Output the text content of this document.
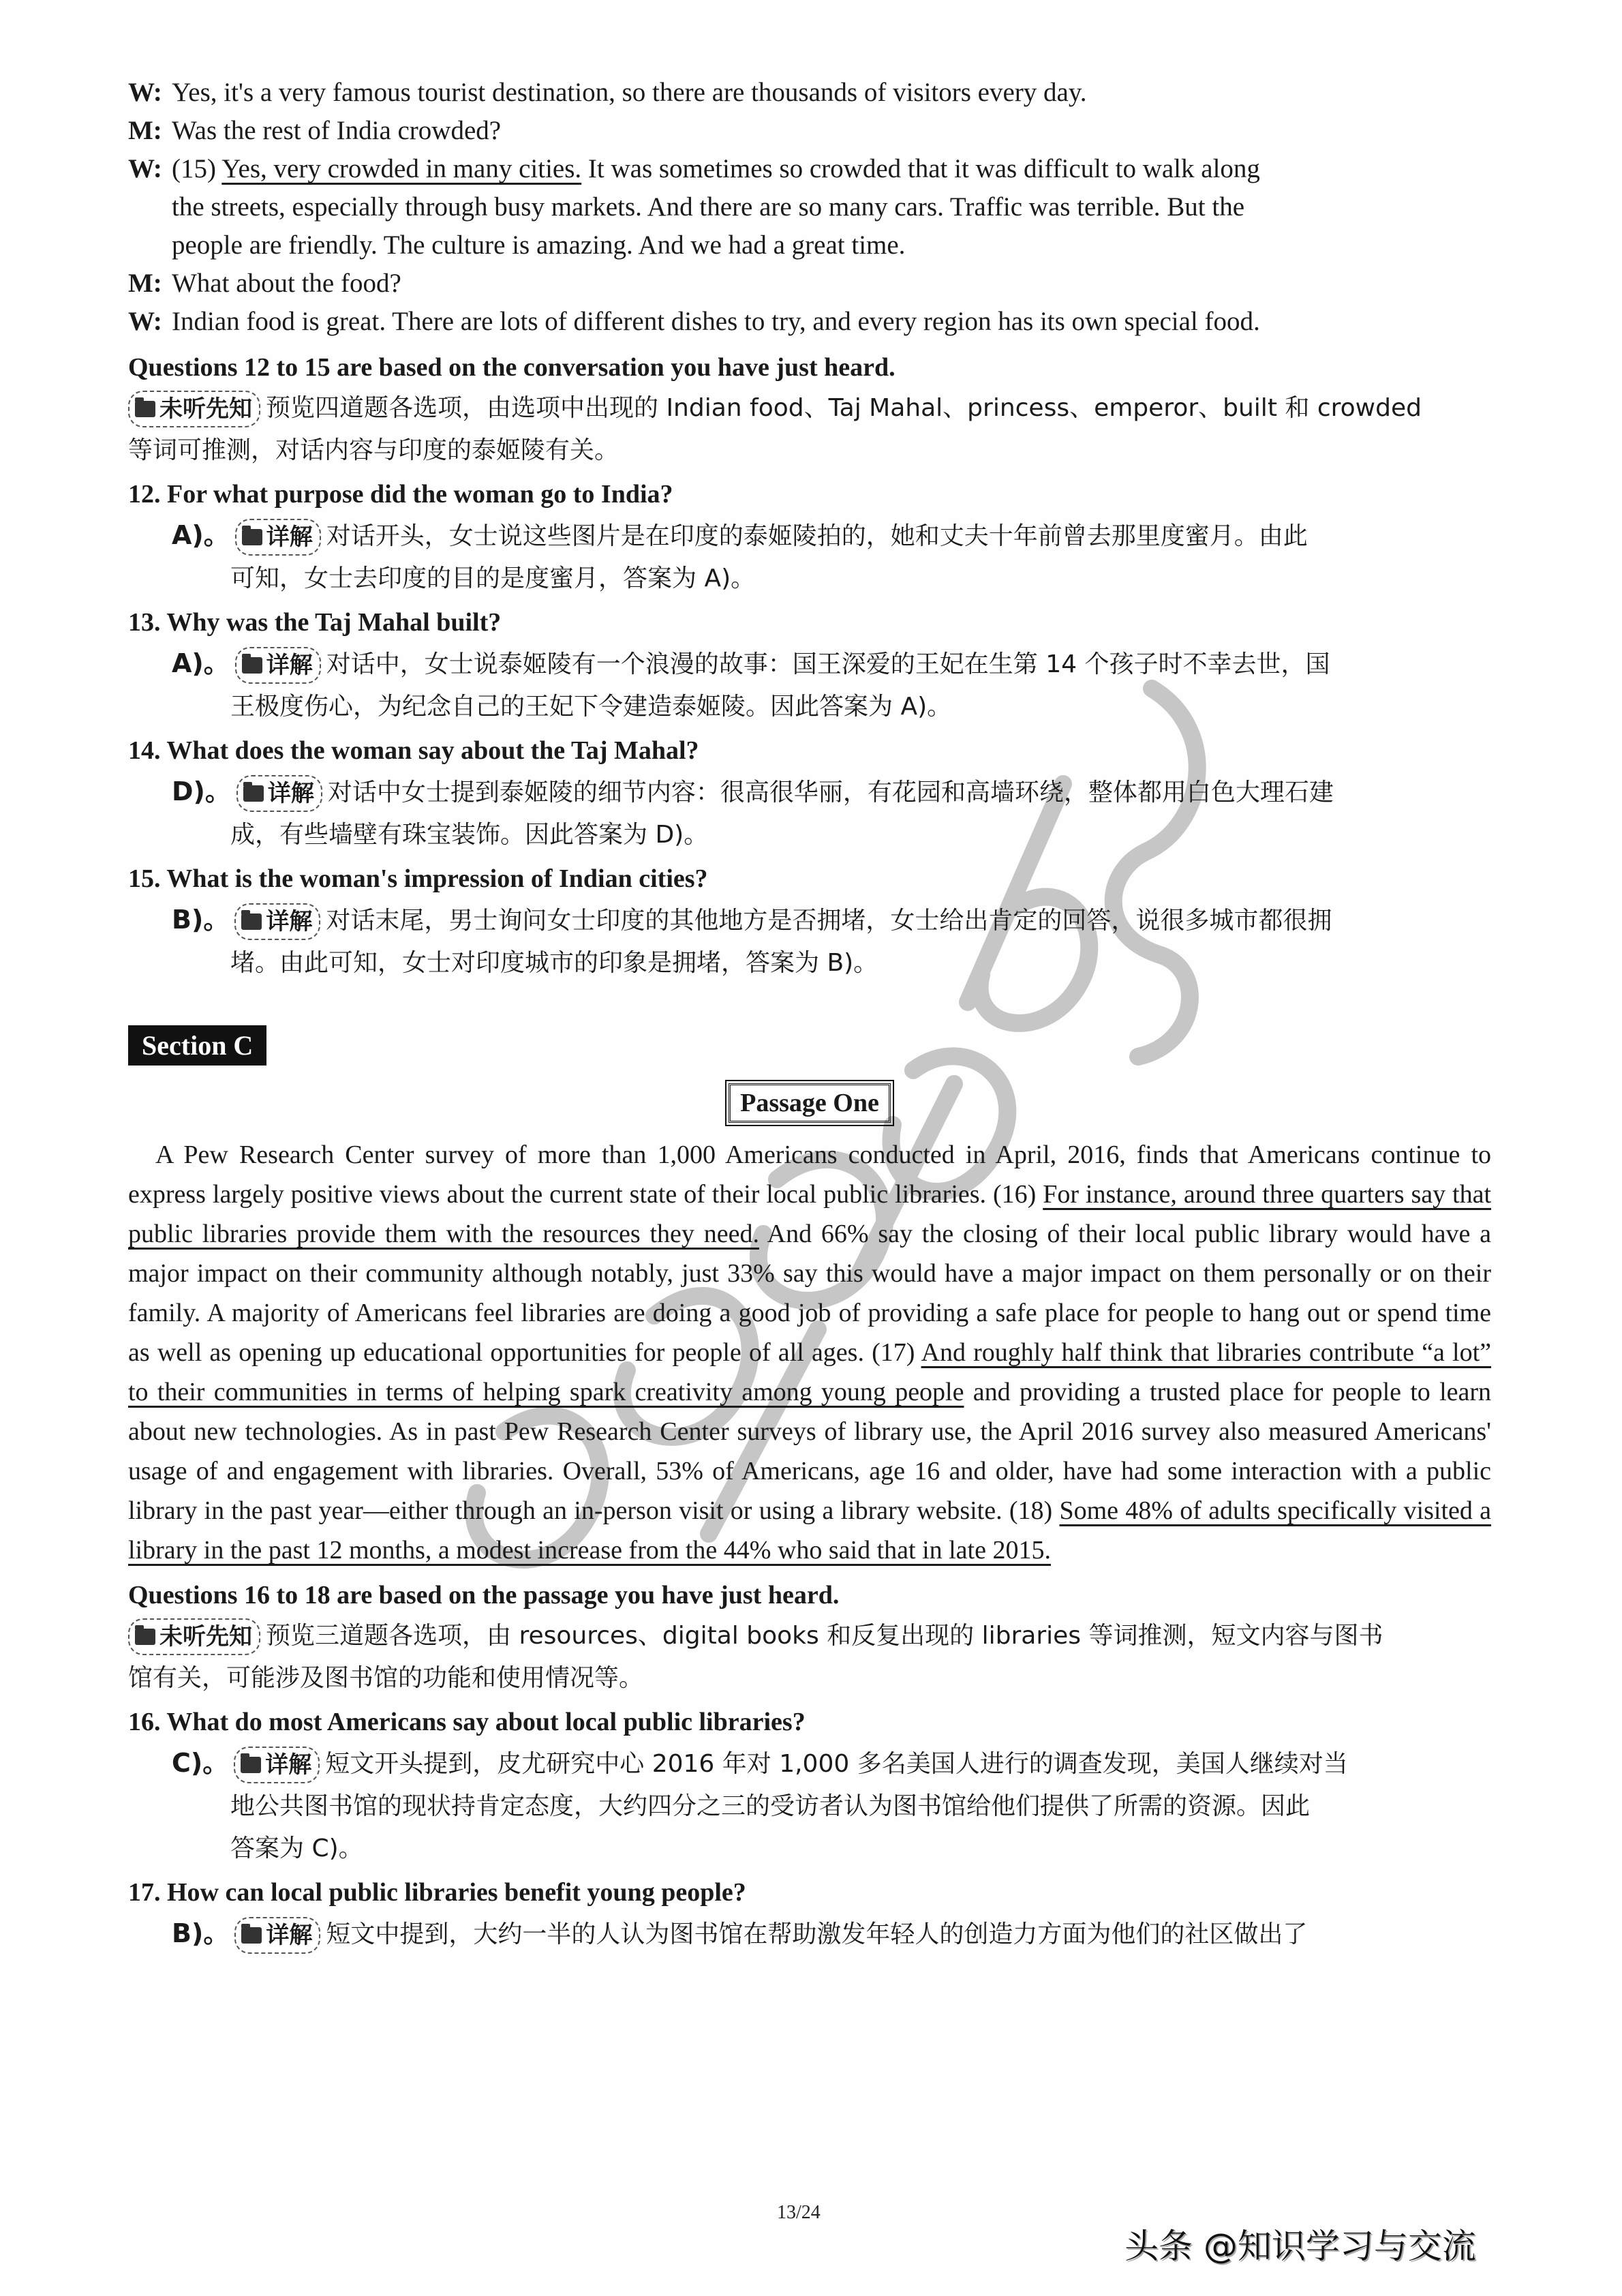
W: Yes, it's a very famous tourist destination, so there are thousands of visitors every day.
M: Was the rest of India crowded?
W: (15) Yes, very crowded in many cities. It was sometimes so crowded that it was difficult to walk along
the streets, especially through busy markets. And there are so many cars. Traffic was terrible. But the
people are friendly. The culture is amazing. And we had a great time.
M: What about the food?
W: Indian food is great. There are lots of different dishes to try, and every region has its own special food.
Questions 12 to 15 are based on the conversation you have just heard.
未听先知 预览四道题各选项，由选项中出现的 Indian food、Taj Mahal、princess、emperor、built 和 crowded
等词可推测，对话内容与印度的泰姬陵有关。
12. For what purpose did the woman go to India?
A)。 详解 对话开头，女士说这些图片是在印度的泰姬陵拍的，她和丈夫十年前曾去那里度蜜月。由此
可知，女士去印度的目的是度蜜月，答案为 A)。
13. Why was the Taj Mahal built?
A)。 详解 对话中，女士说泰姬陵有一个浪漫的故事：国王深爱的王妃在生第 14 个孩子时不幸去世，国
王极度伤心，为纪念自己的王妃下令建造泰姬陵。因此答案为 A)。
14. What does the woman say about the Taj Mahal?
D)。 详解 对话中女士提到泰姬陵的细节内容：很高很华丽，有花园和高墙环绕，整体都用白色大理石建
成，有些墙壁有珠宝装饰。因此答案为 D)。
15. What is the woman's impression of Indian cities?
B)。 详解 对话末尾，男士询问女士印度的其他地方是否拥堵，女士给出肯定的回答，说很多城市都很拥
堵。由此可知，女士对印度城市的印象是拥堵，答案为 B)。
Section C
Passage One

A Pew Research Center survey of more than 1,000 Americans conducted in April, 2016, finds that Americans continue to express largely positive views about the current state of their local public libraries. (16) For instance, around three quarters say that public libraries provide them with the resources they need. And 66% say the closing of their local public library would have a major impact on their community although notably, just 33% say this would have a major impact on them personally or on their family. A majority of Americans feel libraries are doing a good job of providing a safe place for people to hang out or spend time as well as opening up educational opportunities for people of all ages. (17) And roughly half think that libraries contribute “a lot” to their communities in terms of helping spark creativity among young people and providing a trusted place for people to learn about new technologies. As in past Pew Research Center surveys of library use, the April 2016 survey also measured Americans' usage of and engagement with libraries. Overall, 53% of Americans, age 16 and older, have had some interaction with a public library in the past year—either through an in-person visit or using a library website. (18) Some 48% of adults specifically visited a library in the past 12 months, a modest increase from the 44% who said that in late 2015.

Questions 16 to 18 are based on the passage you have just heard.
未听先知 预览三道题各选项，由 resources、digital books 和反复出现的 libraries 等词推测，短文内容与图书
馆有关，可能涉及图书馆的功能和使用情况等。
16. What do most Americans say about local public libraries?
C)。 详解 短文开头提到，皮尤研究中心 2016 年对 1,000 多名美国人进行的调查发现，美国人继续对当
地公共图书馆的现状持肯定态度，大约四分之三的受访者认为图书馆给他们提供了所需的资源。因此
答案为 C)。
17. How can local public libraries benefit young people?
B)。 详解 短文中提到，大约一半的人认为图书馆在帮助激发年轻人的创造力方面为他们的社区做出了
13/24
头条 @知识学习与交流
